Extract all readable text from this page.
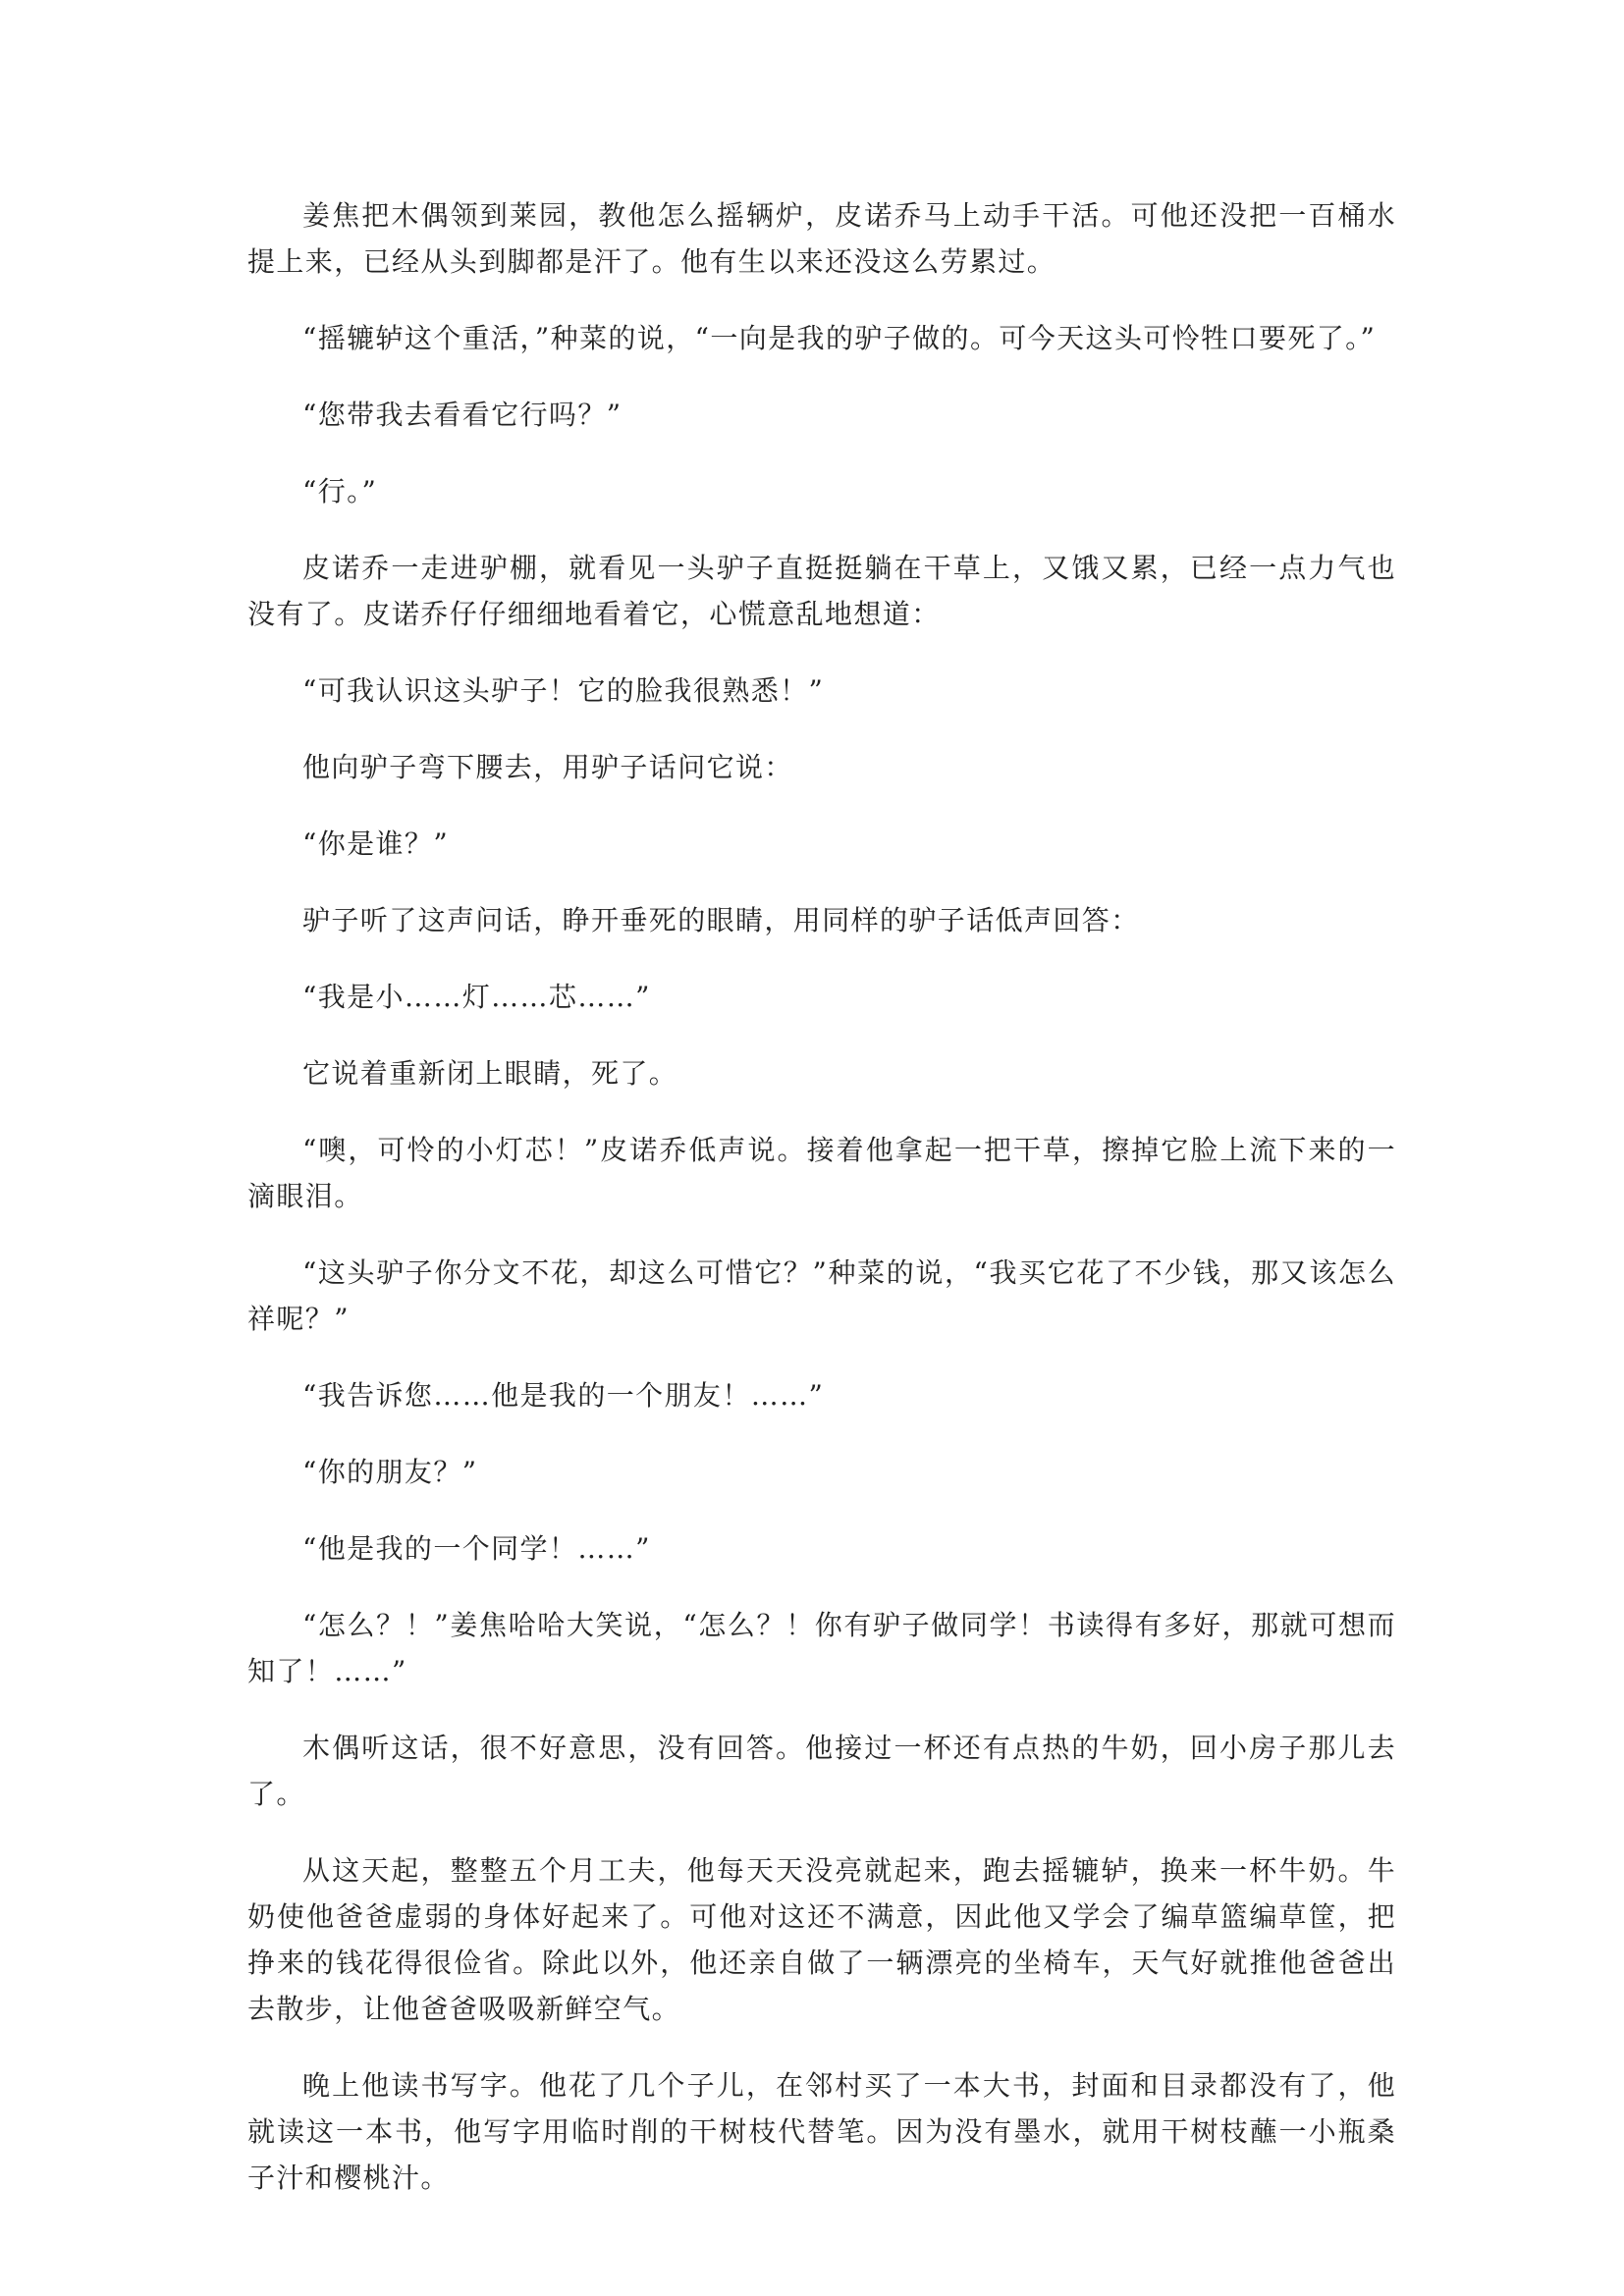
姜焦把木偶领到莱园，教他怎么摇辆炉，皮诺乔马上动手干活。可他还没把一百桶水提上来，已经从头到脚都是汗了。他有生以来还没这么劳累过。

“摇辘轳这个重活，”种菜的说，“一向是我的驴子做的。可今天这头可怜牲口要死了。”

“您带我去看看它行吗？”

“行。”

皮诺乔一走进驴棚，就看见一头驴子直挺挺躺在干草上，又饿又累，已经一点力气也没有了。皮诺乔仔仔细细地看着它，心慌意乱地想道：

“可我认识这头驴子！它的脸我很熟悉！”

他向驴子弯下腰去，用驴子话问它说：

“你是谁？”

驴子听了这声问话，睁开垂死的眼睛，用同样的驴子话低声回答：

“我是小……灯……芯……”

它说着重新闭上眼睛，死了。

“噢，可怜的小灯芯！”皮诺乔低声说。接着他拿起一把干草，擦掉它脸上流下来的一滴眼泪。

“这头驴子你分文不花，却这么可惜它？”种菜的说，“我买它花了不少钱，那又该怎么祥呢？”

“我告诉您……他是我的一个朋友！……”

“你的朋友？”

“他是我的一个同学！……”

“怎么？！”姜焦哈哈大笑说，“怎么？！你有驴子做同学！书读得有多好，那就可想而知了！……”

木偶听这话，很不好意思，没有回答。他接过一杯还有点热的牛奶，回小房子那儿去了。

从这天起，整整五个月工夫，他每天天没亮就起来，跑去摇辘轳，换来一杯牛奶。牛奶使他爸爸虚弱的身体好起来了。可他对这还不满意，因此他又学会了编草篮编草筐，把挣来的钱花得很俭省。除此以外，他还亲自做了一辆漂亮的坐椅车，天气好就推他爸爸出去散步，让他爸爸吸吸新鲜空气。

晚上他读书写字。他花了几个子儿，在邻村买了一本大书，封面和目录都没有了，他就读这一本书，他写字用临时削的干树枝代替笔。因为没有墨水，就用干树枝蘸一小瓶桑子汁和樱桃汁。
